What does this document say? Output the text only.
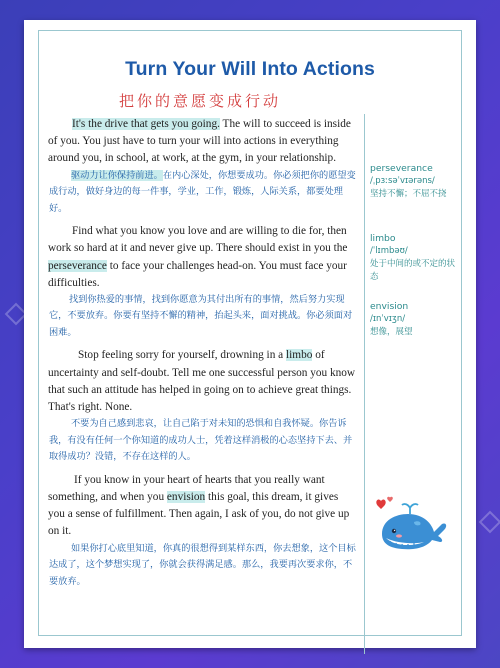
Turn Your Will Into Actions
把你的意愿变成行动

It's the drive that gets you going. The will to succeed is inside of you. You just have to turn your will into actions in everything around you, in school, at work, at the gym, in your relationship.

驱动力让你保持前进。在内心深处，你想要成功。你必须把你的愿望变成行动，做好身边的每一件事，学业，工作，锻炼，人际关系，都要处理好。

Find what you know you love and are willing to die for, then work so hard at it and never give up. There should exist in you the perseverance to face your challenges head-on. You must face your difficulties.

找到你热爱的事情，找到你愿意为其付出所有的事情，然后努力实现它，不要放弃。你要有坚持不懈的精神，抬起头来，面对挑战。你必须面对困难。

Stop feeling sorry for yourself, drowning in a limbo of uncertainty and self-doubt. Tell me one successful person you know that such an attitude has helped in going on to achieve great things. That's right. None.

不要为自己感到悲哀，让自己陷于对未知的恐惧和自我怀疑。你告诉我，有没有任何一个你知道的成功人士，凭着这样消极的心态坚持下去、并取得成功？没错，不存在这样的人。

If you know in your heart of hearts that you really want something, and when you envision this goal, this dream, it gives you a sense of fulfillment. Then again, I ask of you, do not give up on it.

如果你打心底里知道，你真的很想得到某样东西，你去想象，这个目标达成了，这个梦想实现了，你就会获得满足感。那么，我要再次要求你，不要放弃。

perseverance
/ˌpɜːsəˈvɪərəns/
坚持不懈；不屈不挠
limbo
/ˈlɪmbəʊ/
处于中间的或不定的状态
envision
/ɪnˈvɪʒn/
想像，展望
